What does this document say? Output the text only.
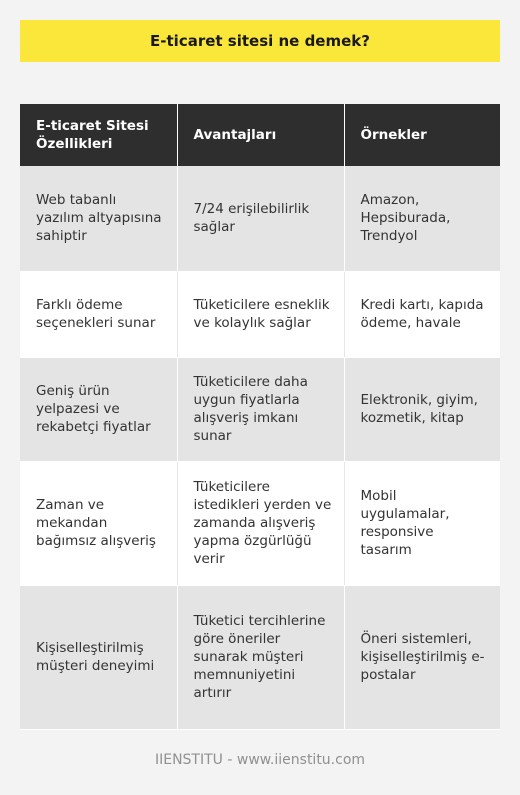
E-ticaret sitesi ne demek?
E-ticaret Sitesi Özellikleri	Avantajları	Örnekler
Web tabanlı yazılım altyapısına sahiptir	7/24 erişilebilirlik sağlar	Amazon, Hepsiburada, Trendyol
Farklı ödeme seçenekleri sunar	Tüketicilere esneklik ve kolaylık sağlar	Kredi kartı, kapıda ödeme, havale
Geniş ürün yelpazesi ve rekabetçi fiyatlar	Tüketicilere daha uygun fiyatlarla alışveriş imkanı sunar	Elektronik, giyim, kozmetik, kitap
Zaman ve mekandan bağımsız alışveriş	Tüketicilere istedikleri yerden ve zamanda alışveriş yapma özgürlüğü verir	Mobil uygulamalar, responsive tasarım
Kişiselleştirilmiş müşteri deneyimi	Tüketici tercihlerine göre öneriler sunarak müşteri memnuniyetini artırır	Öneri sistemleri, kişiselleştirilmiş e-postalar
IIENSTITU - www.iienstitu.com
